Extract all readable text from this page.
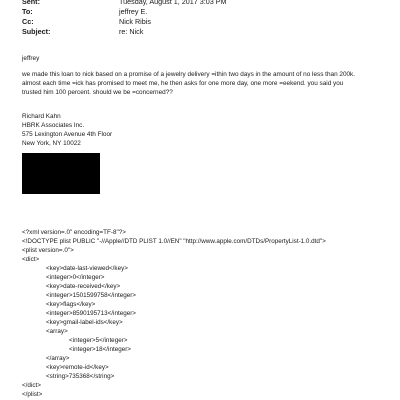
Sent:	Tuesday, August 1, 2017 3:03 PM
To:	jeffrey E.
Cc:	Nick Ribis
Subject:	re: Nick
jeffrey
we made this loan to nick based on a promise of a jewelry delivery =ithin two days in the amount of no less than 200k.
almost each time =ick has promised to meet me, he then asks for one more day, one more =eekend. you said you
trusted him 100 percent. should we be =concerned??
Richard Kahn
HBRK Associates Inc.
575 Lexington Avenue 4th Floor
New York, NY 10022
<?xml version=.0" encoding=TF-8"?>
<!DOCTYPE plist PUBLIC "-//Apple//DTD PLIST 1.0//EN" "http://www.apple.com/DTDs/PropertyList-1.0.dtd">
<plist version=.0">
<dict>
<key>date-last-viewed</key>
<integer>0</integer>
<key>date-received</key>
<integer>1501599758</integer>
<key>flags</key>
<integer>8590195713</integer>
<key>gmail-label-ids</key>
<array>
<integer>5</integer>
<integer>18</integer>
</array>
<key>remote-id</key>
<string>735368</string>
</dict>
</plist>
